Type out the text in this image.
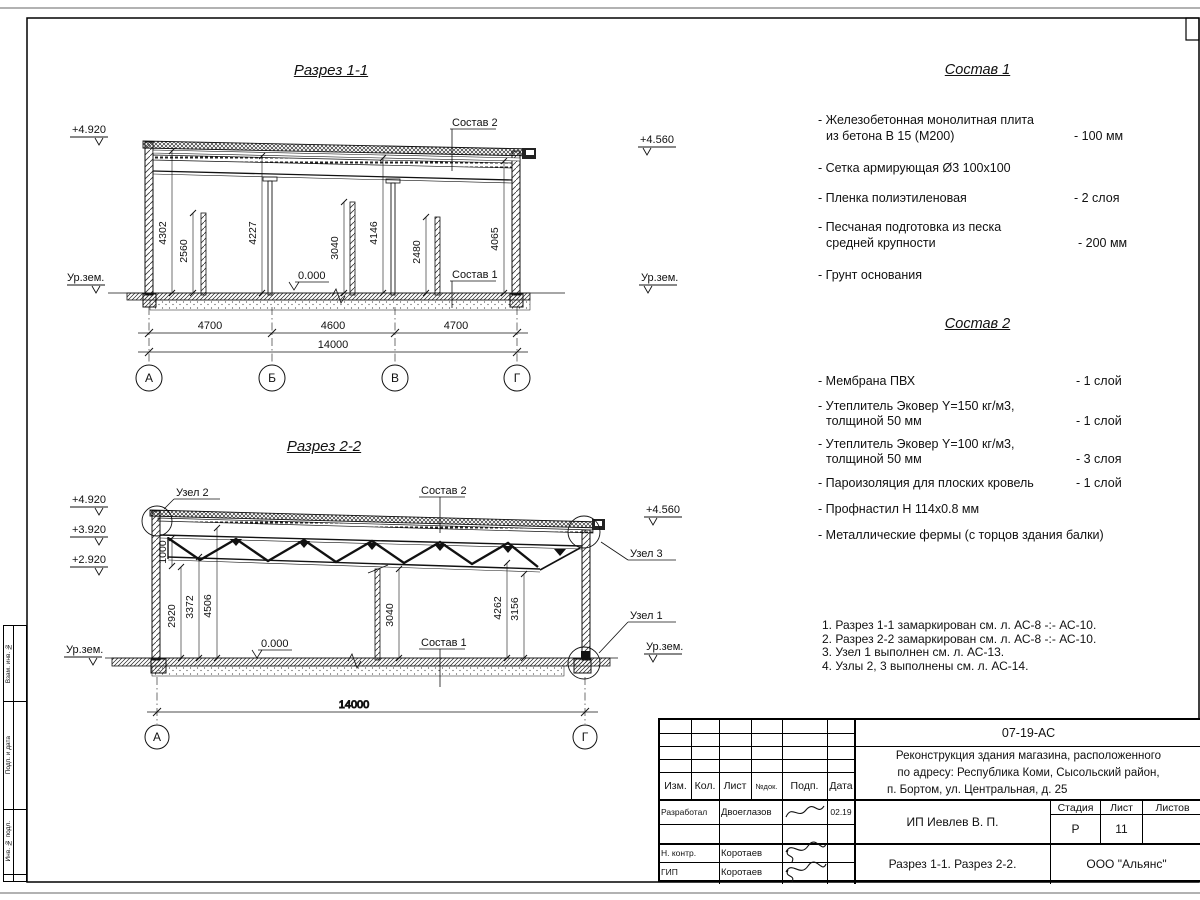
4302
2560
4227
3040
4146
2480
4065
4700	4600	4700
14000
А	Б	В	Г
+4.920
Ур.зем.
+4.560
Ур.зем.
Состав 2
Состав 1
0.000
1000
2920 3372 4506	3040	4262 3156
14000
А	Г
+4.920
+3.920
+2.920
Ур.зем.
+4.560
Ур.зем.
Узел 2
Узел 3
Узел 1
Состав 2
Состав 1
0.000
Разрез 1-1
Разрез 2-2
Состав 1
- Железобетонная монолитная плита
из бетона В 15 (М200)	- 100 мм
- Сетка армирующая Ø3 100х100
- Пленка полиэтиленовая	- 2 слоя
- Песчаная подготовка из песка
средней крупности	- 200 мм
- Грунт основания
Состав 2
- Мембрана ПВХ	- 1 слой
- Утеплитель Эковер Y=150 кг/м3,
толщиной 50 мм	- 1 слой
- Утеплитель Эковер Y=100 кг/м3,
толщиной 50 мм	- 3 слоя
- Пароизоляция для плоских кровель	- 1 слой
- Профнастил Н 114х0.8 мм
- Металлические фермы (с торцов здания балки)
1. Разрез 1-1 замаркирован см. л. АС-8 -:- АС-10.
2. Разрез 2-2 замаркирован см. л. АС-8 -:- АС-10.
3. Узел 1 выполнен см. л. АС-13.
4. Узлы 2, 3 выполнены см. л. АС-14.
Изм. Кол. Лист	№док.	Подп.	Дата
Разработал	Двоеглазов	02.19
Н. контр.	Коротаев
ГИП	Коротаев
07-19-АС
Реконструкция здания магазина, расположенного
по адресу: Республика Коми, Сысольский район,
п. Бортом, ул. Центральная, д. 25
ИП Иевлев В. П.
Разрез 1-1. Разрез 2-2.
Стадия	Лист	Листов
Р	11
ООО "Альянс"
Взам. инв. №
Подп. и дата
Инв. № подл.
